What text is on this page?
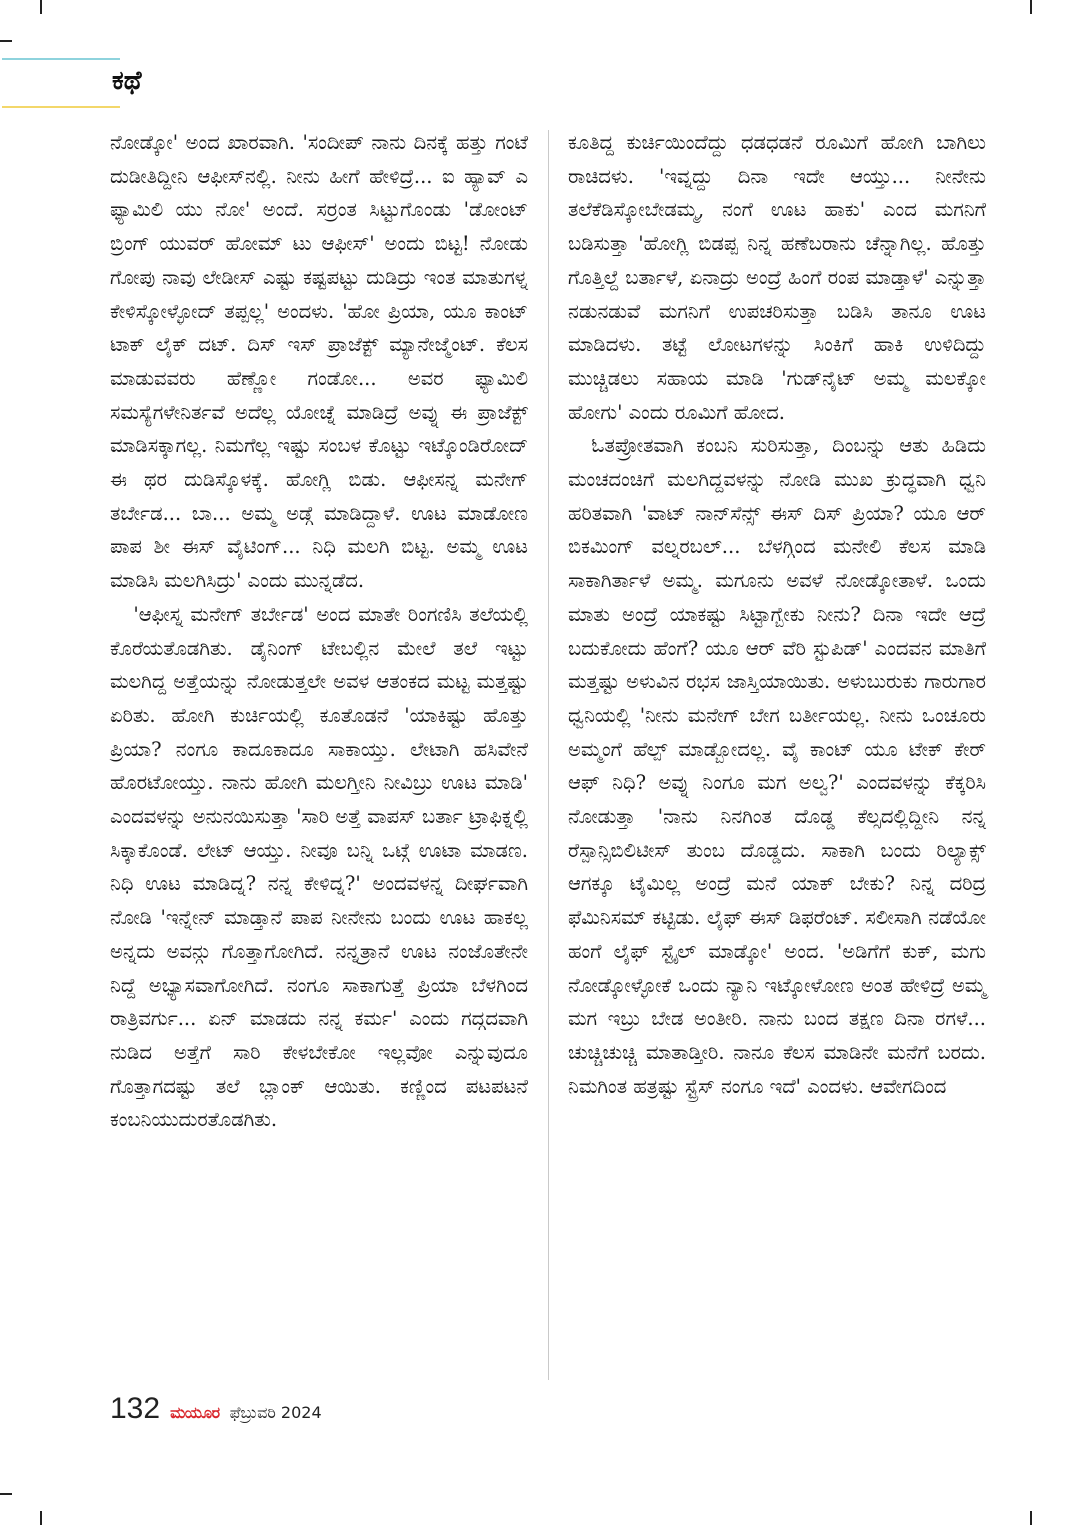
ಕಥೆ

ನೋಡ್ಕೋ' ಅಂದ ಖಾರವಾಗಿ. 'ಸಂದೀಪ್ ನಾನು ದಿನಕ್ಕೆ ಹತ್ತು ಗಂಟೆ ದುಡೀತಿದ್ದೀನಿ ಆಫೀಸ್‌ನಲ್ಲಿ. ನೀನು ಹೀಗೆ ಹೇಳಿದ್ರೆ... ಐ ಹ್ಯಾವ್ ಎ ಫ್ಯಾಮಿಲಿ ಯು ನೋ' ಅಂದೆ. ಸರ್ರಂತ ಸಿಟ್ಟುಗೊಂಡು 'ಡೋಂಟ್ ಬ್ರಿಂಗ್ ಯುವರ್ ಹೋಮ್ ಟು ಆಫೀಸ್' ಅಂದು ಬಿಟ್ಟ! ನೋಡು ಗೋಪು ನಾವು ಲೇಡೀಸ್ ಎಷ್ಟು ಕಷ್ಟಪಟ್ಟು ದುಡಿದ್ರು ಇಂತ ಮಾತುಗಳ್ನ ಕೇಳಿಸ್ಕೋಳ್ಳೋದ್ ತಪ್ಪಲ್ಲ' ಅಂದಳು. 'ಹೋ ಪ್ರಿಯಾ, ಯೂ ಕಾಂಟ್ ಟಾಕ್ ಲೈಕ್ ದಟ್. ದಿಸ್ ಇಸ್ ಪ್ರಾಜೆಕ್ಟ್ ಮ್ಯಾನೇಜ್ಮೆಂಟ್. ಕೆಲಸ ಮಾಡುವವರು ಹೆಣ್ಣೋ ಗಂಡೋ... ಅವರ ಫ್ಯಾಮಿಲಿ ಸಮಸ್ಯೆಗಳೇನಿರ್ತವೆ ಅದೆಲ್ಲ ಯೋಚ್ನೆ ಮಾಡಿದ್ರೆ ಅವ್ನು ಈ ಪ್ರಾಜೆಕ್ಟ್ ಮಾಡಿಸಕ್ಕಾಗಲ್ಲ. ನಿಮಗೆಲ್ಲ ಇಷ್ಟು ಸಂಬಳ ಕೊಟ್ಟು ಇಟ್ಕೊಂಡಿರೋದ್ ಈ ಥರ ದುಡಿಸ್ಕೊಳಕ್ಕೆ. ಹೋಗ್ಲಿ ಬಿಡು. ಆಫೀಸನ್ನ ಮನೇಗ್ ತರ್ಬೇಡ... ಬಾ... ಅಮ್ಮ ಅಡ್ಗೆ ಮಾಡಿದ್ದಾಳೆ. ಊಟ ಮಾಡೋಣ ಪಾಪ ಶೀ ಈಸ್ ವೈಟಿಂಗ್... ನಿಧಿ ಮಲಗಿ ಬಿಟ್ಟ. ಅಮ್ಮ ಊಟ ಮಾಡಿಸಿ ಮಲಗಿಸಿದ್ರು' ಎಂದು ಮುನ್ನಡೆದ.

'ಆಫೀಸ್ನ ಮನೇಗ್ ತರ್ಬೇಡ' ಅಂದ ಮಾತೇ ರಿಂಗಣಿಸಿ ತಲೆಯಲ್ಲಿ ಕೊರೆಯತೊಡಗಿತು. ಡೈನಿಂಗ್ ಟೇಬಲ್ಲಿನ ಮೇಲೆ ತಲೆ ಇಟ್ಟು ಮಲಗಿದ್ದ ಅತ್ತೆಯನ್ನು ನೋಡುತ್ತಲೇ ಅವಳ ಆತಂಕದ ಮಟ್ಟ ಮತ್ತಷ್ಟು ಏರಿತು. ಹೋಗಿ ಕುರ್ಚಿಯಲ್ಲಿ ಕೂತೊಡನೆ 'ಯಾಕಿಷ್ಟು ಹೊತ್ತು ಪ್ರಿಯಾ? ನಂಗೂ ಕಾದೂಕಾದೂ ಸಾಕಾಯ್ತು. ಲೇಟಾಗಿ ಹಸಿವೇನೆ ಹೊರಟೋಯ್ತು. ನಾನು ಹೋಗಿ ಮಲಗ್ತೀನಿ ನೀವಿಬ್ರು ಊಟ ಮಾಡಿ' ಎಂದವಳನ್ನು ಅನುನಯಿಸುತ್ತಾ 'ಸಾರಿ ಅತ್ತೆ ವಾಪಸ್ ಬರ್ತಾ ಟ್ರಾಫಿಕ್ನಲ್ಲಿ ಸಿಕ್ಕಾಕೊಂಡೆ. ಲೇಟ್ ಆಯ್ತು. ನೀವೂ ಬನ್ನಿ ಒಟ್ಗೆ ಊಟಾ ಮಾಡಣ. ನಿಧಿ ಊಟ ಮಾಡಿದ್ನ? ನನ್ನ ಕೇಳಿದ್ನ?' ಅಂದವಳನ್ನ ದೀರ್ಘವಾಗಿ ನೋಡಿ 'ಇನ್ನೇನ್ ಮಾಡ್ತಾನೆ ಪಾಪ ನೀನೇನು ಬಂದು ಊಟ ಹಾಕಲ್ಲ ಅನ್ನದು ಅವನ್ಗು ಗೊತ್ತಾಗೋಗಿದೆ. ನನ್ನತ್ರಾನೆ ಊಟ ನಂಜೊತೇನೇ ನಿದ್ದೆ ಅಭ್ಯಾಸವಾಗೋಗಿದೆ. ನಂಗೂ ಸಾಕಾಗುತ್ತೆ ಪ್ರಿಯಾ ಬೆಳಗಿಂದ ರಾತ್ರಿವರ್ಗು... ಏನ್ ಮಾಡದು ನನ್ನ ಕರ್ಮ' ಎಂದು ಗದ್ಗದವಾಗಿ ನುಡಿದ ಅತ್ತೆಗೆ ಸಾರಿ ಕೇಳಬೇಕೋ ಇಲ್ಲವೋ ಎನ್ನುವುದೂ ಗೊತ್ತಾಗದಷ್ಟು ತಲೆ ಬ್ಲಾಂಕ್ ಆಯಿತು. ಕಣ್ಣಿಂದ ಪಟಪಟನೆ ಕಂಬನಿಯುದುರತೊಡಗಿತು.

ಕೂತಿದ್ದ ಕುರ್ಚಿಯಿಂದೆದ್ದು ಧಡಧಡನೆ ರೂಮಿಗೆ ಹೋಗಿ ಬಾಗಿಲು ರಾಚಿದಳು. 'ಇವ್ನದ್ದು ದಿನಾ ಇದೇ ಆಯ್ತು... ನೀನೇನು ತಲೆಕೆಡಿಸ್ಕೋಬೇಡಮ್ಮ, ನಂಗೆ ಊಟ ಹಾಕು' ಎಂದ ಮಗನಿಗೆ ಬಡಿಸುತ್ತಾ 'ಹೋಗ್ಲಿ ಬಿಡಪ್ಪ ನಿನ್ನ ಹಣೆಬರಾನು ಚೆನ್ನಾಗಿಲ್ಲ. ಹೊತ್ತು ಗೊತ್ತಿಲ್ದೆ ಬರ್ತಾಳೆ, ಏನಾದ್ರು ಅಂದ್ರೆ ಹಿಂಗೆ ರಂಪ ಮಾಡ್ತಾಳೆ' ಎನ್ನುತ್ತಾ ನಡುನಡುವೆ ಮಗನಿಗೆ ಉಪಚರಿಸುತ್ತಾ ಬಡಿಸಿ ತಾನೂ ಊಟ ಮಾಡಿದಳು. ತಟ್ಟೆ ಲೋಟಗಳನ್ನು ಸಿಂಕಿಗೆ ಹಾಕಿ ಉಳಿದಿದ್ದು ಮುಚ್ಚಿಡಲು ಸಹಾಯ ಮಾಡಿ 'ಗುಡ್‌ನೈಟ್ ಅಮ್ಮ ಮಲಕ್ಕೋ ಹೋಗು' ಎಂದು ರೂಮಿಗೆ ಹೋದ.

ಓತಪ್ರೋತವಾಗಿ ಕಂಬನಿ ಸುರಿಸುತ್ತಾ, ದಿಂಬನ್ನು ಆತು ಹಿಡಿದು ಮಂಚದಂಚಿಗೆ ಮಲಗಿದ್ದವಳನ್ನು ನೋಡಿ ಮುಖ ಕ್ರುದ್ಧವಾಗಿ ಧ್ವನಿ ಹರಿತವಾಗಿ 'ವಾಟ್ ನಾನ್‌ಸೆನ್ಸ್ ಈಸ್ ದಿಸ್ ಪ್ರಿಯಾ? ಯೂ ಆರ್ ಬಿಕಮಿಂಗ್ ವಲ್ನರಬಲ್... ಬೆಳಗ್ಗಿಂದ ಮನೇಲಿ ಕೆಲಸ ಮಾಡಿ ಸಾಕಾಗಿರ್ತಾಳೆ ಅಮ್ಮ. ಮಗೂನು ಅವಳೆ ನೋಡ್ಕೋತಾಳೆ. ಒಂದು ಮಾತು ಅಂದ್ರೆ ಯಾಕಷ್ಟು ಸಿಟ್ಟಾಗ್ಬೇಕು ನೀನು? ದಿನಾ ಇದೇ ಆದ್ರೆ ಬದುಕೋದು ಹೆಂಗೆ? ಯೂ ಆರ್ ವೆರಿ ಸ್ಟುಪಿಡ್' ಎಂದವನ ಮಾತಿಗೆ ಮತ್ತಷ್ಟು ಅಳುವಿನ ರಭಸ ಜಾಸ್ತಿಯಾಯಿತು. ಅಳುಬುರುಕು ಗಾರುಗಾರ ಧ್ವನಿಯಲ್ಲಿ 'ನೀನು ಮನೇಗ್ ಬೇಗ ಬರ್ತೀಯಲ್ಲ. ನೀನು ಒಂಚೂರು ಅಮ್ಮಂಗೆ ಹೆಲ್ಪ್ ಮಾಡ್ಬೋದಲ್ಲ. ವೈ ಕಾಂಟ್ ಯೂ ಟೇಕ್ ಕೇರ್ ಆಫ್ ನಿಧಿ? ಅವ್ನು ನಿಂಗೂ ಮಗ ಅಲ್ವ?' ಎಂದವಳನ್ನು ಕೆಕ್ಕರಿಸಿ ನೋಡುತ್ತಾ 'ನಾನು ನಿನಗಿಂತ ದೊಡ್ಡ ಕೆಲ್ಸದಲ್ಲಿದ್ದೀನಿ ನನ್ನ ರೆಸ್ಪಾನ್ಸಿಬಿಲಿಟೀಸ್ ತುಂಬ ದೊಡ್ಡದು. ಸಾಕಾಗಿ ಬಂದು ರಿಲ್ಯಾಕ್ಸ್ ಆಗಕ್ಕೂ ಟೈಮಿಲ್ಲ ಅಂದ್ರೆ ಮನೆ ಯಾಕ್ ಬೇಕು? ನಿನ್ನ ದರಿದ್ರ ಫೆಮಿನಿಸಮ್ ಕಟ್ಟಿಡು. ಲೈಫ್ ಈಸ್ ಡಿಫರೆಂಟ್. ಸಲೀಸಾಗಿ ನಡೆಯೋ ಹಂಗೆ ಲೈಫ್ ಸ್ಟೈಲ್ ಮಾಡ್ಕೋ' ಅಂದ. 'ಅಡಿಗೆಗೆ ಕುಕ್, ಮಗು ನೋಡ್ಕೋಳ್ಳೋಕೆ ಒಂದು ನ್ಯಾನಿ ಇಟ್ಕೋಳೋಣ ಅಂತ ಹೇಳಿದ್ರೆ ಅಮ್ಮ ಮಗ ಇಬ್ರು ಬೇಡ ಅಂತೀರಿ. ನಾನು ಬಂದ ತಕ್ಷಣ ದಿನಾ ರಗಳೆ... ಚುಚ್ಚಿಚುಚ್ಚಿ ಮಾತಾಡ್ತೀರಿ. ನಾನೂ ಕೆಲಸ ಮಾಡಿನೇ ಮನೆಗೆ ಬರದು. ನಿಮಗಿಂತ ಹತ್ರಷ್ಟು ಸ್ಟ್ರೆಸ್ ನಂಗೂ ಇದೆ' ಎಂದಳು. ಆವೇಗದಿಂದ

132 ಮಯೂರ ಫೆಬ್ರುವರಿ 2024
